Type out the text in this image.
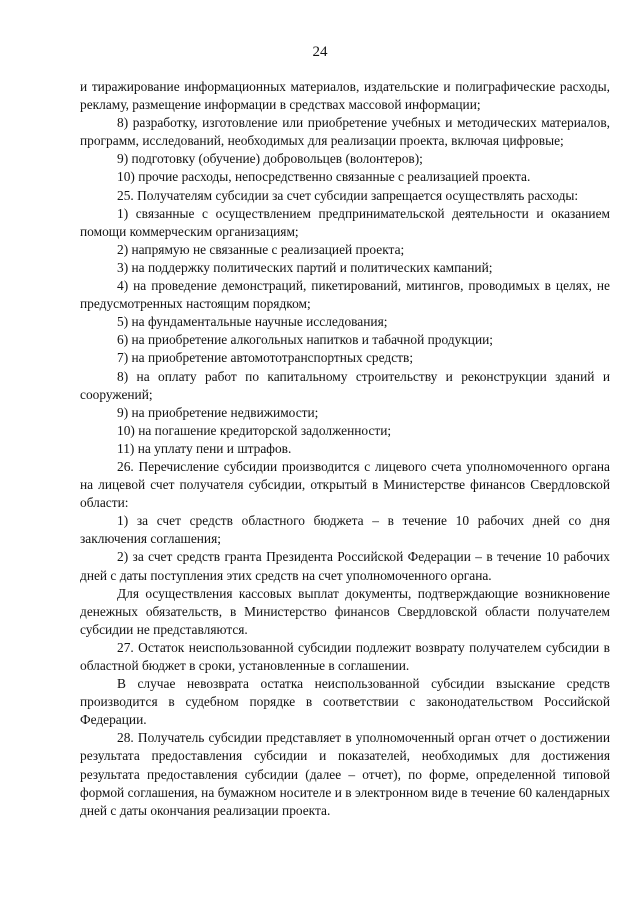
24

и тиражирование информационных материалов, издательские и полиграфические расходы, рекламу, размещение информации в средствах массовой информации;

8) разработку, изготовление или приобретение учебных и методических материалов, программ, исследований, необходимых для реализации проекта, включая цифровые;

9) подготовку (обучение) добровольцев (волонтеров);

10) прочие расходы, непосредственно связанные с реализацией проекта.

25. Получателям субсидии за счет субсидии запрещается осуществлять расходы:

1) связанные с осуществлением предпринимательской деятельности и оказанием помощи коммерческим организациям;

2) напрямую не связанные с реализацией проекта;

3) на поддержку политических партий и политических кампаний;

4) на проведение демонстраций, пикетирований, митингов, проводимых в целях, не предусмотренных настоящим порядком;

5) на фундаментальные научные исследования;

6) на приобретение алкогольных напитков и табачной продукции;

7) на приобретение автомототранспортных средств;

8) на оплату работ по капитальному строительству и реконструкции зданий и сооружений;

9) на приобретение недвижимости;

10) на погашение кредиторской задолженности;

11) на уплату пени и штрафов.

26. Перечисление субсидии производится с лицевого счета уполномоченного органа на лицевой счет получателя субсидии, открытый в Министерстве финансов Свердловской области:

1) за счет средств областного бюджета – в течение 10 рабочих дней со дня заключения соглашения;

2) за счет средств гранта Президента Российской Федерации – в течение 10 рабочих дней с даты поступления этих средств на счет уполномоченного органа.

Для осуществления кассовых выплат документы, подтверждающие возникновение денежных обязательств, в Министерство финансов Свердловской области получателем субсидии не представляются.

27. Остаток неиспользованной субсидии подлежит возврату получателем субсидии в областной бюджет в сроки, установленные в соглашении.

В случае невозврата остатка неиспользованной субсидии взыскание средств производится в судебном порядке в соответствии с законодательством Российской Федерации.

28. Получатель субсидии представляет в уполномоченный орган отчет о достижении результата предоставления субсидии и показателей, необходимых для достижения результата предоставления субсидии (далее – отчет), по форме, определенной типовой формой соглашения, на бумажном носителе и в электронном виде в течение 60 календарных дней с даты окончания реализации проекта.
